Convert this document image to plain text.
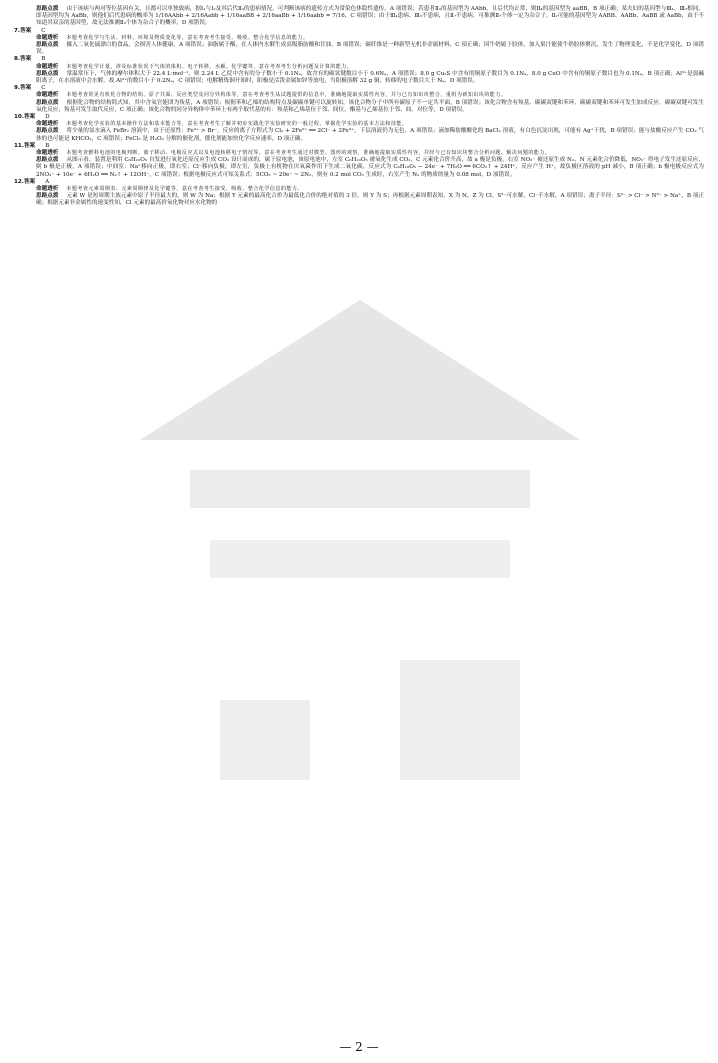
思路点拨 由于该病与两对等位基因有关，且都可以单独致病，据Ⅰ₁与Ⅰ₂及其后代Ⅱ₃的患病情况，可判断该病的遗传方式为常染色体隐性遗传，A 项错误；若患者Ⅱ₃的基因型为 AAbb，且后代均正常，则Ⅱ₄的基因型为 aaBB，B 项正确；某夫妇的基因型与Ⅲ₁、Ⅲ₂相同，即基因型均为 AaBb，则他们后代患病的概率为 1/16AAbb + 2/16Aabb + 1/16aaBB + 2/16aaBb + 1/16aabb = 7/16，C 项错误；由于Ⅲ₄患病、Ⅲ₃不患病，且Ⅱ₇不患病，可推测Ⅱ₇个体一定为杂合子，Ⅱ₂可能的基因型为 AABB、AABb、AaBB 或 AaBb，由于不知道其双亲的基因型，故无法推测Ⅱ₂个体为杂合子的概率，D 项错误。

7.答案 C

命题透析 本题考查化学与生活、材料、环境及物质变化等，意在考查考生接受、吸收、整合化学信息的能力。

思路点拨 摄入二氧化硫漂白的食品，会损害人体健康，A 项错误；油脂属于酯，在人体内水解生成高级脂肪酸和甘油，B 项错误；碳纤维是一种新型无机非金属材料，C 项正确；因牛奶属于胶体，加入果汁能使牛奶胶体聚沉，发生了物理变化，不是化学变化，D 项错误。

8.答案 B

命题透析 本题考查化学计量，涉及标准状况下气体的体积、电子转移、水解、化学键等，意在考查考生分析问题及计算的能力。

思路点拨 常温常压下，气体的摩尔体积大于 22.4 L·mol⁻¹，则 2.24 L 乙烷中含有的分子数小于 0.1Nₐ，故含有的碳氢键数目小于 0.6Nₐ，A 项错误；8.0 g Cu₂S 中含有的铜原子数目为 0.1Nₐ，8.0 g CuO 中含有的铜原子数目也为 0.1Nₐ，B 项正确；Al³⁺是弱碱阳离子，在水溶液中会水解，故 Al³⁺的数目小于 0.2Nₐ，C 项错误；电解精炼铜开始时，阳极是活泼金属如锌等放电，当阳极溶解 32 g 铜，转移的电子数目大于 Nₐ，D 项错误。

9.答案 C

命题透析 本题考查常见有机化合物的结构、原子共面、反应类型及同分异构体等，意在考查考生从试题提供的信息中，准确地提取实质性内容，并与已有知识块整合，重组为新知识块的能力。

思路点拨 根据化合物的结构简式知，其中含氧官能团为羧基，A 项错误；根据苯和乙烯的结构特点及碳碳单键可以旋转知，该化合物分子中所有碳原子不一定共平面，B 项错误；该化合物含有羧基、碳碳双键和苯环，碳碳双键和苯环可发生加成反应，碳碳双键可发生氧化反应，羧基可发生取代反应，C 项正确；该化合物的同分异构体中苯环上有两个取代基的有：羧基和乙烯基位于邻、间位，酯基与乙烯基位于邻、间、对位等，D 项错误。

10.答案 D

命题透析 本题考查化学实验的基本操作方法和基本能力等，意在考查考生了解并初步实践化学实验研究的一般过程，掌握化学实验的基本方法和技能。

思路点拨 将少量的氯水滴入 FeBr₂ 溶液中，由于还原性：Fe²⁺ > Br⁻，反应的离子方程式为 Cl₂ + 2Fe²⁺ ══ 2Cl⁻ + 2Fe³⁺，下层溶液仍为无色，A 项错误；滴加稀盐酸酸化的 BaCl₂ 溶液，有白色沉淀出现，可能有 Ag⁺干扰，B 项错误；能与盐酸反应产生 CO₂ 气体的也可能是 KHCO₃，C 项错误；FeCl₃ 是 H₂O₂ 分解的催化剂，催化剂能加快化学反应速率，D 项正确。

11.答案 B

命题透析 本题考查燃料电池的电极判断、离子移动、电极反应式以及电池转移电子情况等，意在考查考生通过对模型、图形的观察，准确地提取实质性内容，并经与已有知识块整合分析问题、解决问题的能力。

思路点拨 从图示看，装置是利用 C₆H₁₀O₅ 自发进行氧化还原反应生成 CO₂ 设计而成的，属于原电池，该原电池中，左室 C₆H₁₀O₅ 被氧化生成 CO₂，C 元素化合价升高，故 a 极是负极，右室 NO₃⁻ 被还原生成 N₂，N 元素化合价降低，NO₃⁻ 得电子发生还原反应，则 b 极是正极，A 项错误；中间室：Na⁺移向正极，即右室；Cl⁻移向负极，即左室，负极上有机物在厌氧菌作用下生成二氧化碳，反应式为 C₆H₁₀O₅ − 24e⁻ + 7H₂O ══ 6CO₂↑ + 24H⁺，反应产生 H⁺，故负极区溶液的 pH 减小，B 项正确；b 极电极反应式为 2NO₃⁻ + 10e⁻ + 6H₂O ══ N₂↑ + 12OH⁻，C 项错误；根据电极反应式可知关系式：5CO₂ ~ 20e⁻ ~ 2N₂，则有 0.2 mol CO₂ 生成时，右室产生 N₂ 的物质的量为 0.08 mol，D 项错误。

12.答案 A

命题透析 本题考查元素周期表、元素周期律及化学键等，意在考查考生接受、吸收、整合化学信息的能力。

思路点拨 元素 W 是短周期主族元素中原子半径最大的，则 W 为 Na；根据 Y 元素的最高化合价为最低化合价的绝对值的 3 倍，则 Y 为 S；再根据元素周期表知，X 为 N，Z 为 Cl。S²⁻可水解，Cl⁻不水解，A 项错误；离子半径：S²⁻ > Cl⁻ > N³⁻ > Na⁺，B 项正确；根据元素非金属性的递变性知，Cl 元素的最高价氧化物对应水化物的

— 2 —
